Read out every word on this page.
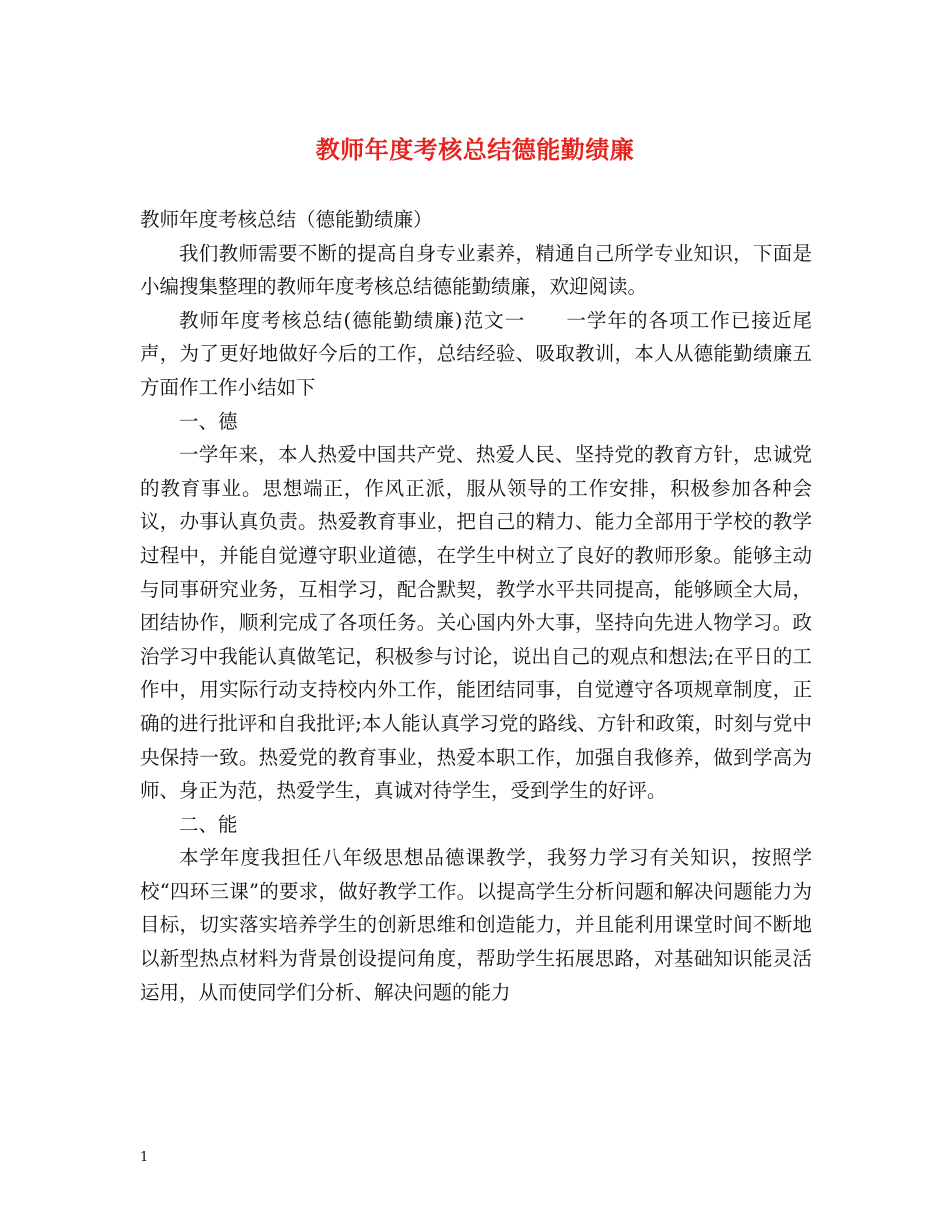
教师年度考核总结德能勤绩廉

教师年度考核总结（德能勤绩廉）

我们教师需要不断的提高自身专业素养，精通自己所学专业知识，下面是小编搜集整理的教师年度考核总结德能勤绩廉，欢迎阅读。

教师年度考核总结(德能勤绩廉)范文一　　一学年的各项工作已接近尾声，为了更好地做好今后的工作，总结经验、吸取教训，本人从德能勤绩廉五方面作工作小结如下

一、德

一学年来，本人热爱中国共产党、热爱人民、坚持党的教育方针，忠诚党的教育事业。思想端正，作风正派，服从领导的工作安排，积极参加各种会议，办事认真负责。热爱教育事业，把自己的精力、能力全部用于学校的教学过程中，并能自觉遵守职业道德，在学生中树立了良好的教师形象。能够主动与同事研究业务，互相学习，配合默契，教学水平共同提高，能够顾全大局，团结协作，顺利完成了各项任务。关心国内外大事，坚持向先进人物学习。政治学习中我能认真做笔记，积极参与讨论，说出自己的观点和想法;在平日的工作中，用实际行动支持校内外工作，能团结同事，自觉遵守各项规章制度，正确的进行批评和自我批评;本人能认真学习党的路线、方针和政策，时刻与党中央保持一致。热爱党的教育事业，热爱本职工作，加强自我修养，做到学高为师、身正为范，热爱学生，真诚对待学生，受到学生的好评。

二、能

本学年度我担任八年级思想品德课教学，我努力学习有关知识，按照学校“四环三课”的要求，做好教学工作。以提高学生分析问题和解决问题能力为目标，切实落实培养学生的创新思维和创造能力，并且能利用课堂时间不断地以新型热点材料为背景创设提问角度，帮助学生拓展思路，对基础知识能灵活运用，从而使同学们分析、解决问题的能力

1
